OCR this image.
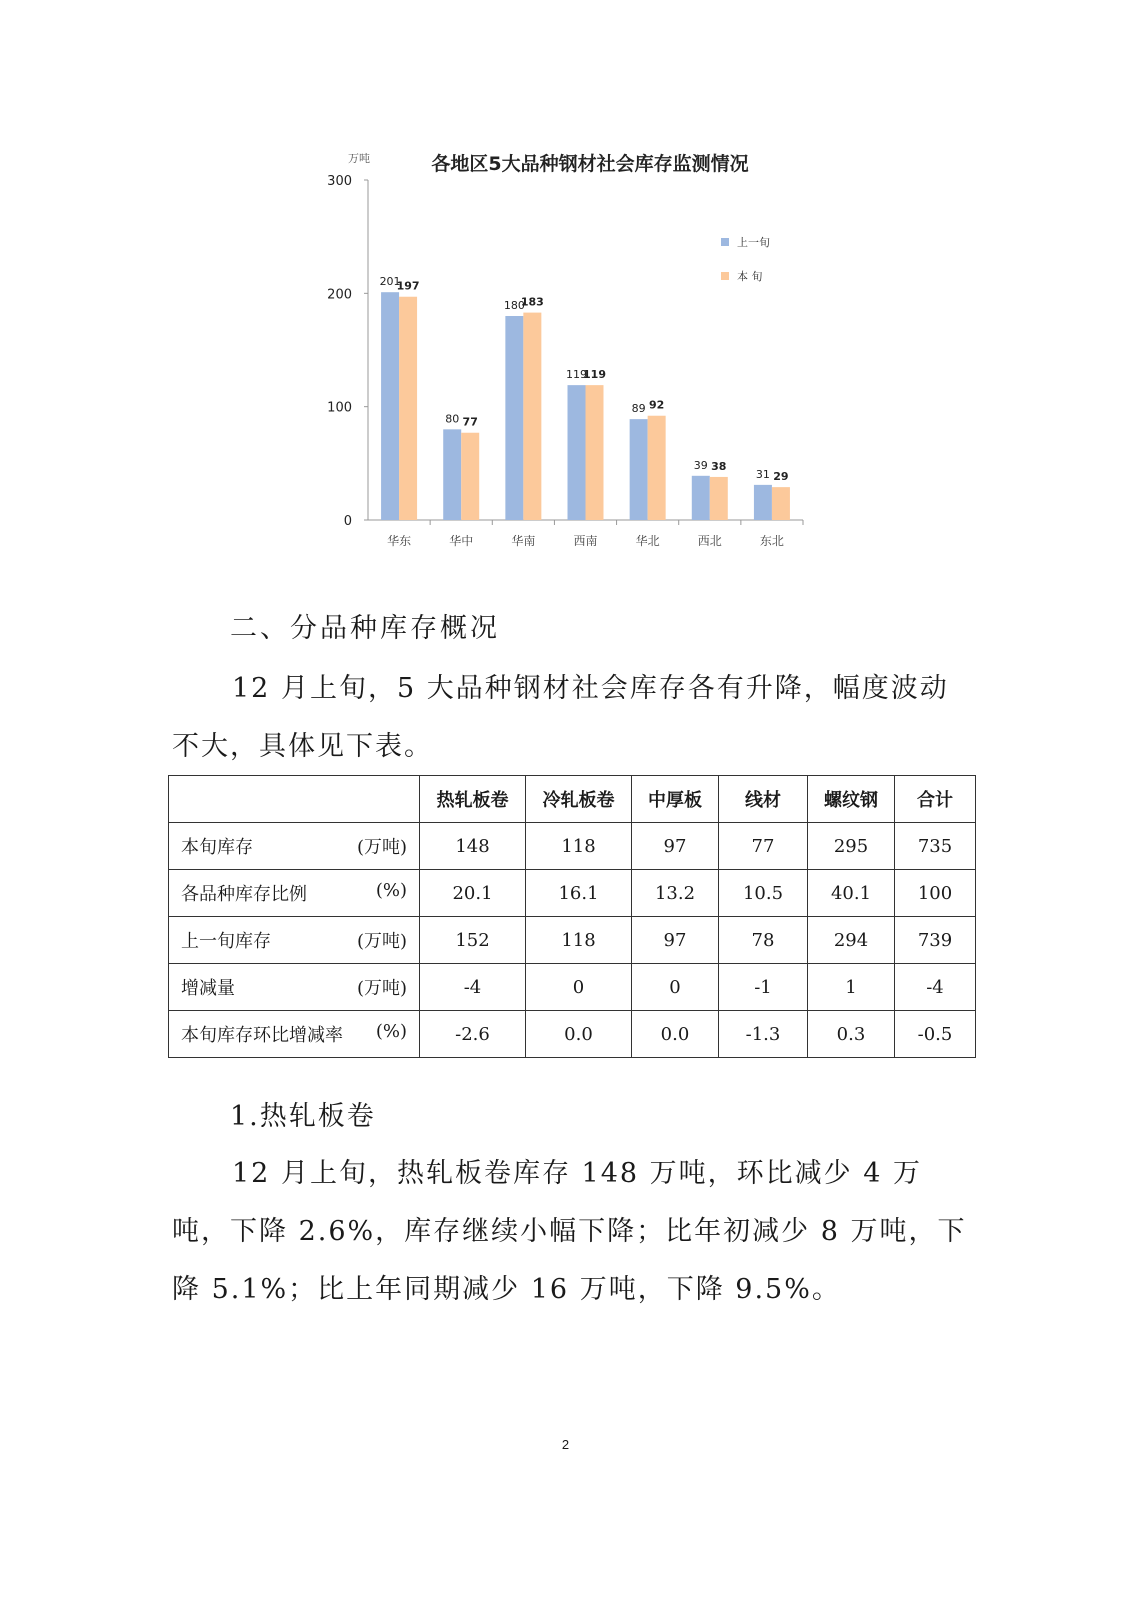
万吨	各地区5大品种钢材社会库存监测情况
0
100
200
300
华东
201
197
华中
80 77
华南
180
183
西南
119
119
华北
89 92
西北
39 38
东北
31 29
上一旬
本 旬
二、分品种库存概况

12 月上旬，5 大品种钢材社会库存各有升降，幅度波动不大，具体见下表。

	热轧板卷	冷轧板卷	中厚板	线材	螺纹钢	合计

本旬库存 (万吨)	148	118	97	77	295	735

各品种库存比例 (%)	20.1	16.1	13.2	10.5	40.1	100

上一旬库存 (万吨)	152	118	97	78	294	739

增减量 (万吨)	-4	0	0	-1	1	-4

本旬库存环比增减率 (%)	-2.6	0.0	0.0	-1.3	0.3	-0.5
1.热轧板卷

12 月上旬，热轧板卷库存 148 万吨，环比减少 4 万吨，下降 2.6%，库存继续小幅下降；比年初减少 8 万吨，下降 5.1%；比上年同期减少 16 万吨，下降 9.5%。

2
